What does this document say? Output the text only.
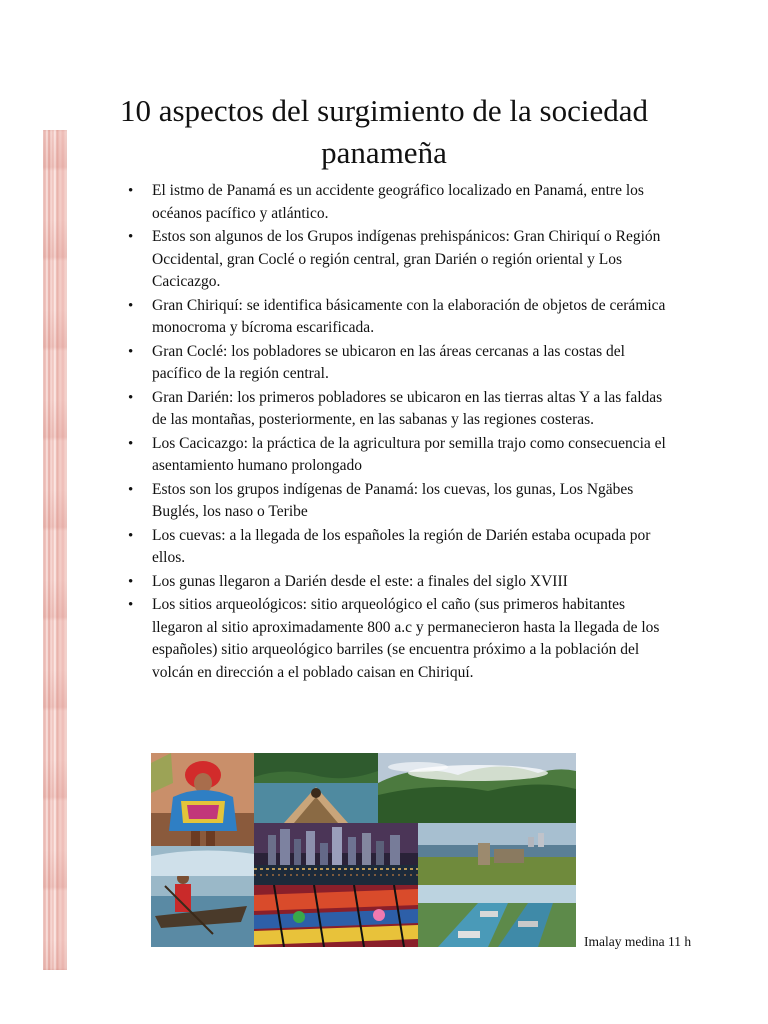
10 aspectos del surgimiento de la sociedad
panameña
• El istmo de Panamá es un accidente geográfico localizado en Panamá, entre los océanos pacífico y atlántico.
• Estos son algunos de los Grupos indígenas prehispánicos: Gran Chiriquí o Región Occidental, gran Coclé o región central, gran Darién o región oriental y Los Cacicazgo.
• Gran Chiriquí: se identifica básicamente con la elaboración de objetos de cerámica monocroma y bícroma escarificada.
• Gran Coclé: los pobladores se ubicaron en las áreas cercanas a las costas del pacífico de la región central.
• Gran Darién: los primeros pobladores se ubicaron en las tierras altas Y a las faldas de las montañas, posteriormente, en las sabanas y las regiones costeras.
• Los Cacicazgo: la práctica de la agricultura por semilla trajo como consecuencia el asentamiento humano prolongado
• Estos son los grupos indígenas de Panamá: los cuevas, los gunas, Los Ngäbes Buglés, los naso o Teribe
• Los cuevas: a la llegada de los españoles la región de Darién estaba ocupada por ellos.
• Los gunas llegaron a Darién desde el este: a finales del siglo XVIII
• Los sitios arqueológicos: sitio arqueológico el caño (sus primeros habitantes llegaron al sitio aproximadamente 800 a.c y permanecieron hasta la llegada de los españoles) sitio arqueológico barriles (se encuentra próximo a la población del volcán en dirección a el poblado caisan en Chiriquí.
Imalay medina 11 h
